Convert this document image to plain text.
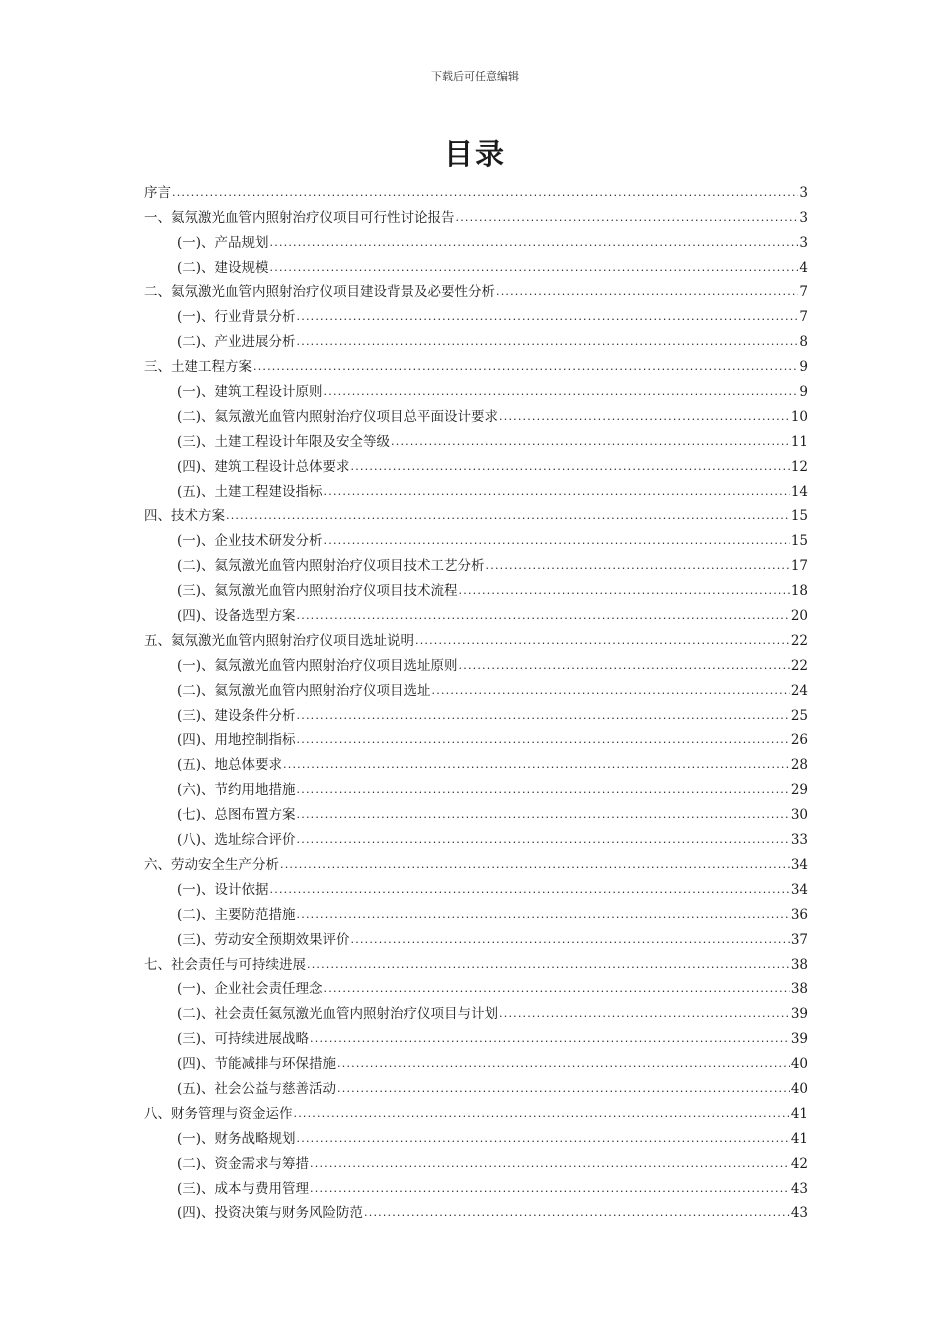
下载后可任意编辑
目录
序言 .....	3
一、氦氖激光血管内照射治疗仪项目可行性讨论报告 .....	3
(一)、产品规划 .....	3
(二)、建设规模 .....	4
二、氦氖激光血管内照射治疗仪项目建设背景及必要性分析 .....	7
(一)、行业背景分析 .....	7
(二)、产业进展分析 .....	8
三、土建工程方案 .....	9
(一)、建筑工程设计原则 .....	9
(二)、氦氖激光血管内照射治疗仪项目总平面设计要求 .....	10
(三)、土建工程设计年限及安全等级 .....	11
(四)、建筑工程设计总体要求 .....	12
(五)、土建工程建设指标 .....	14
四、技术方案 .....	15
(一)、企业技术研发分析 .....	15
(二)、氦氖激光血管内照射治疗仪项目技术工艺分析 .....	17
(三)、氦氖激光血管内照射治疗仪项目技术流程 .....	18
(四)、设备选型方案 .....	20
五、氦氖激光血管内照射治疗仪项目选址说明 .....	22
(一)、氦氖激光血管内照射治疗仪项目选址原则 .....	22
(二)、氦氖激光血管内照射治疗仪项目选址 .....	24
(三)、建设条件分析 .....	25
(四)、用地控制指标 .....	26
(五)、地总体要求 .....	28
(六)、节约用地措施 .....	29
(七)、总图布置方案 .....	30
(八)、选址综合评价 .....	33
六、劳动安全生产分析 .....	34
(一)、设计依据 .....	34
(二)、主要防范措施 .....	36
(三)、劳动安全预期效果评价 .....	37
七、社会责任与可持续进展 .....	38
(一)、企业社会责任理念 .....	38
(二)、社会责任氦氖激光血管内照射治疗仪项目与计划 .....	39
(三)、可持续进展战略 .....	39
(四)、节能减排与环保措施 .....	40
(五)、社会公益与慈善活动 .....	40
八、财务管理与资金运作 .....	41
(一)、财务战略规划 .....	41
(二)、资金需求与筹措 .....	42
(三)、成本与费用管理 .....	43
(四)、投资决策与财务风险防范 .....	43
